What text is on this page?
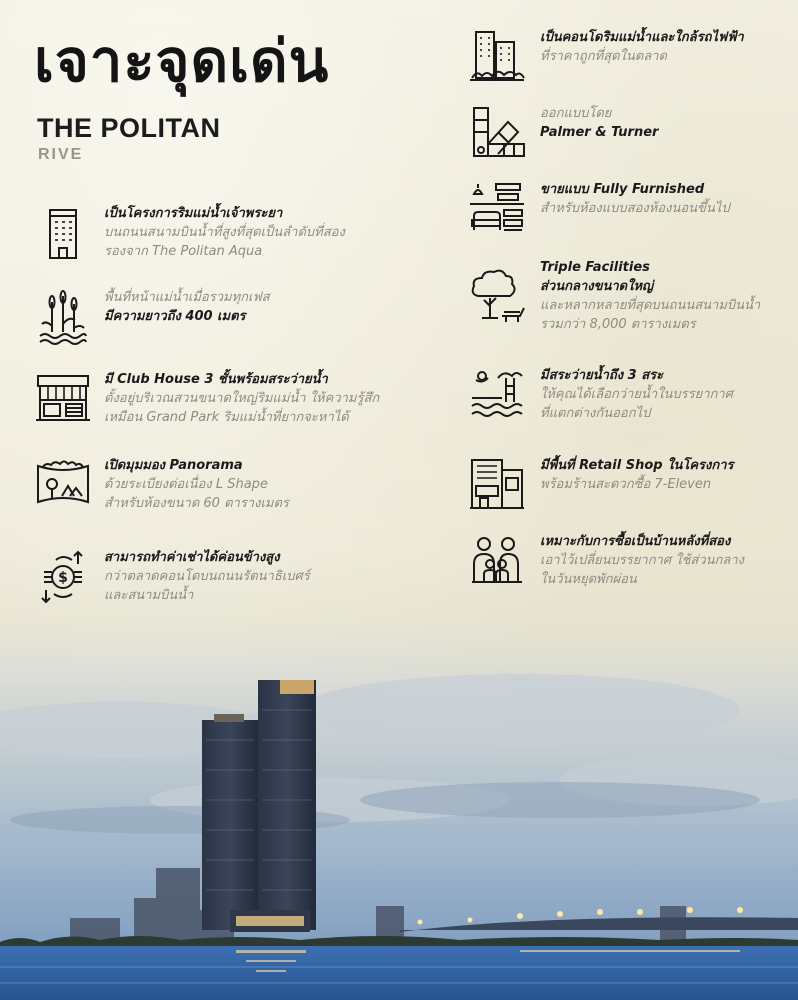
เจาะจุดเด่น
THE POLITAN
RIVE
เป็นโครงการริมแม่น้ำเจ้าพระยา
บนถนนสนามบินน้ำที่สูงที่สุดเป็นลำดับที่สอง
รองจาก The Politan Aqua
พื้นที่หน้าแม่น้ำเมื่อรวมทุกเฟส
มีความยาวถึง 400 เมตร
มี Club House 3 ชั้นพร้อมสระว่ายน้ำ
ตั้งอยู่บริเวณสวนขนาดใหญ่ริมแม่น้ำ ให้ความรู้สึก
เหมือน Grand Park ริมแม่น้ำที่ยากจะหาได้
เปิดมุมมอง Panorama
ด้วยระเบียงต่อเนื่อง L Shape
สำหรับห้องขนาด 60 ตารางเมตร
$
สามารถทำค่าเช่าได้ค่อนข้างสูง
กว่าตลาดคอนโดบนถนนรัตนาธิเบศร์
และสนามบินน้ำ
เป็นคอนโดริมแม่น้ำและใกล้รถไฟฟ้า
ที่ราคาถูกที่สุดในตลาด
ออกแบบโดย
Palmer & Turner
ขายแบบ Fully Furnished
สำหรับห้องแบบสองห้องนอนขึ้นไป
Triple Facilities
ส่วนกลางขนาดใหญ่
และหลากหลายที่สุดบนถนนสนามบินน้ำ
รวมกว่า 8,000 ตารางเมตร
มีสระว่ายน้ำถึง 3 สระ
ให้คุณได้เลือกว่ายน้ำในบรรยากาศ
ที่แตกต่างกันออกไป
มีพื้นที่ Retail Shop ในโครงการ
พร้อมร้านสะดวกซื้อ 7-Eleven
เหมาะกับการซื้อเป็นบ้านหลังที่สอง
เอาไว้เปลี่ยนบรรยากาศ ใช้ส่วนกลาง
ในวันหยุดพักผ่อน
